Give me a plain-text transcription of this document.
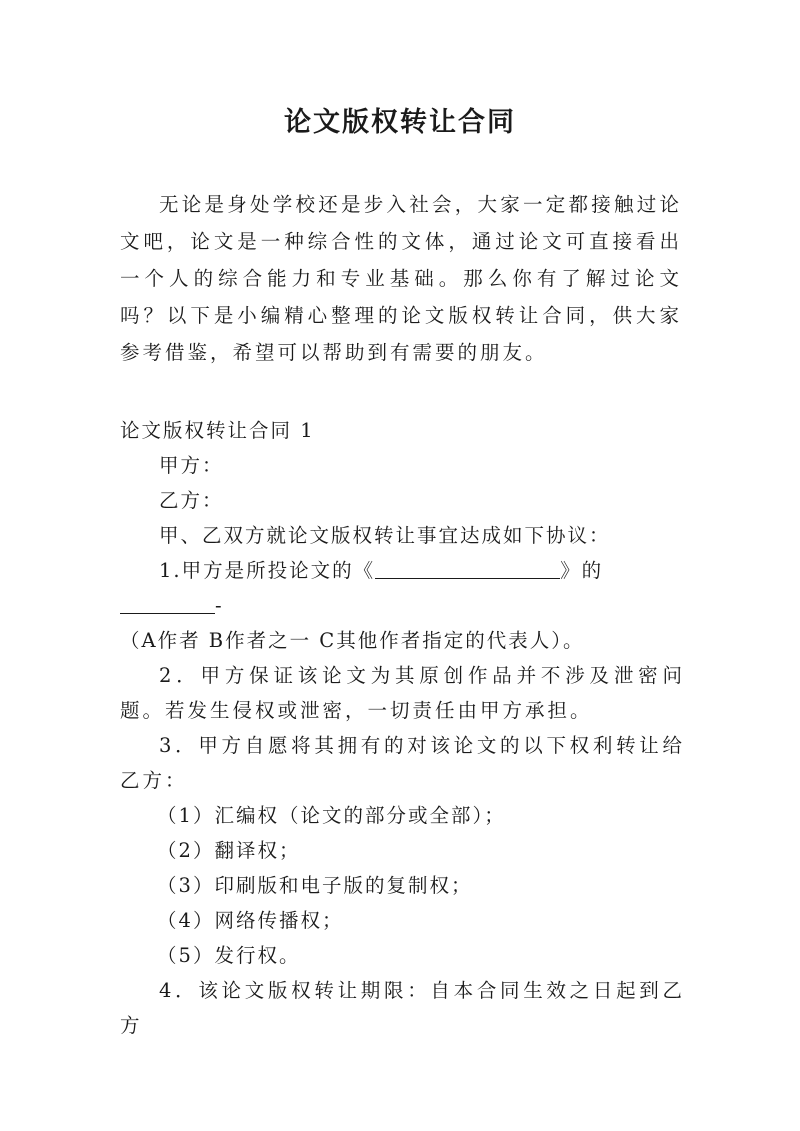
论文版权转让合同

无论是身处学校还是步入社会，大家一定都接触过论文吧，论文是一种综合性的文体，通过论文可直接看出一个人的综合能力和专业基础。那么你有了解过论文吗？以下是小编精心整理的论文版权转让合同，供大家参考借鉴，希望可以帮助到有需要的朋友。

论文版权转让合同 1

甲方：

乙方：

甲、乙双方就论文版权转让事宜达成如下协议：

1.甲方是所投论文的《	》的-

（A作者 B作者之一 C其他作者指定的代表人）。

2．甲方保证该论文为其原创作品并不涉及泄密问题。若发生侵权或泄密，一切责任由甲方承担。

3．甲方自愿将其拥有的对该论文的以下权利转让给乙方：

（1）汇编权（论文的部分或全部）；

（2）翻译权；

（3）印刷版和电子版的复制权；

（4）网络传播权；

（5）发行权。

4．该论文版权转让期限：自本合同生效之日起到乙方
